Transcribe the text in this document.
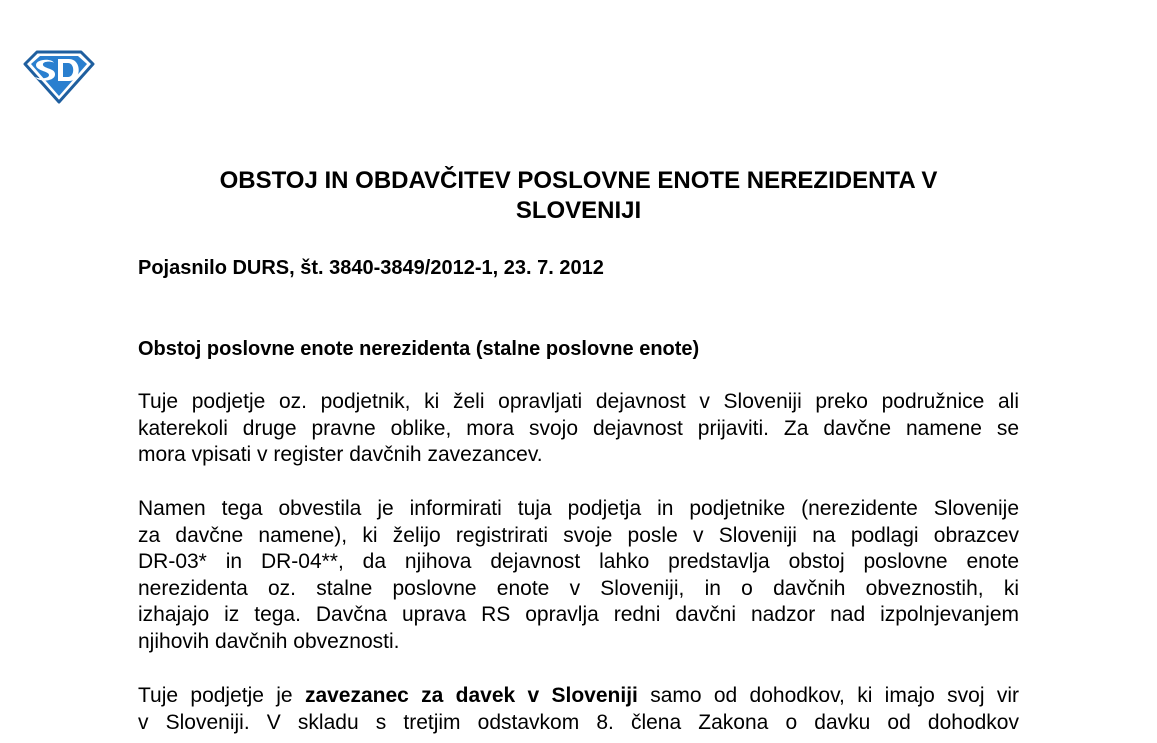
OBSTOJ IN OBDAVČITEV POSLOVNE ENOTE NEREZIDENTA V
SLOVENIJI
Pojasnilo DURS, št. 3840-3849/2012-1, 23. 7. 2012
Obstoj poslovne enote nerezidenta (stalne poslovne enote)
Tuje podjetje oz. podjetnik, ki želi opravljati dejavnost v Sloveniji preko podružnice ali
katerekoli druge pravne oblike, mora svojo dejavnost prijaviti. Za davčne namene se
mora vpisati v register davčnih zavezancev.
Namen tega obvestila je informirati tuja podjetja in podjetnike (nerezidente Slovenije
za davčne namene), ki želijo registrirati svoje posle v Sloveniji na podlagi obrazcev
DR-03* in DR-04**, da njihova dejavnost lahko predstavlja obstoj poslovne enote
nerezidenta oz. stalne poslovne enote v Sloveniji, in o davčnih obveznostih, ki
izhajajo iz tega. Davčna uprava RS opravlja redni davčni nadzor nad izpolnjevanjem
njihovih davčnih obveznosti.
Tuje podjetje je zavezanec za davek v Sloveniji samo od dohodkov, ki imajo svoj vir
v Sloveniji. V skladu s tretjim odstavkom 8. člena Zakona o davku od dohodkov
